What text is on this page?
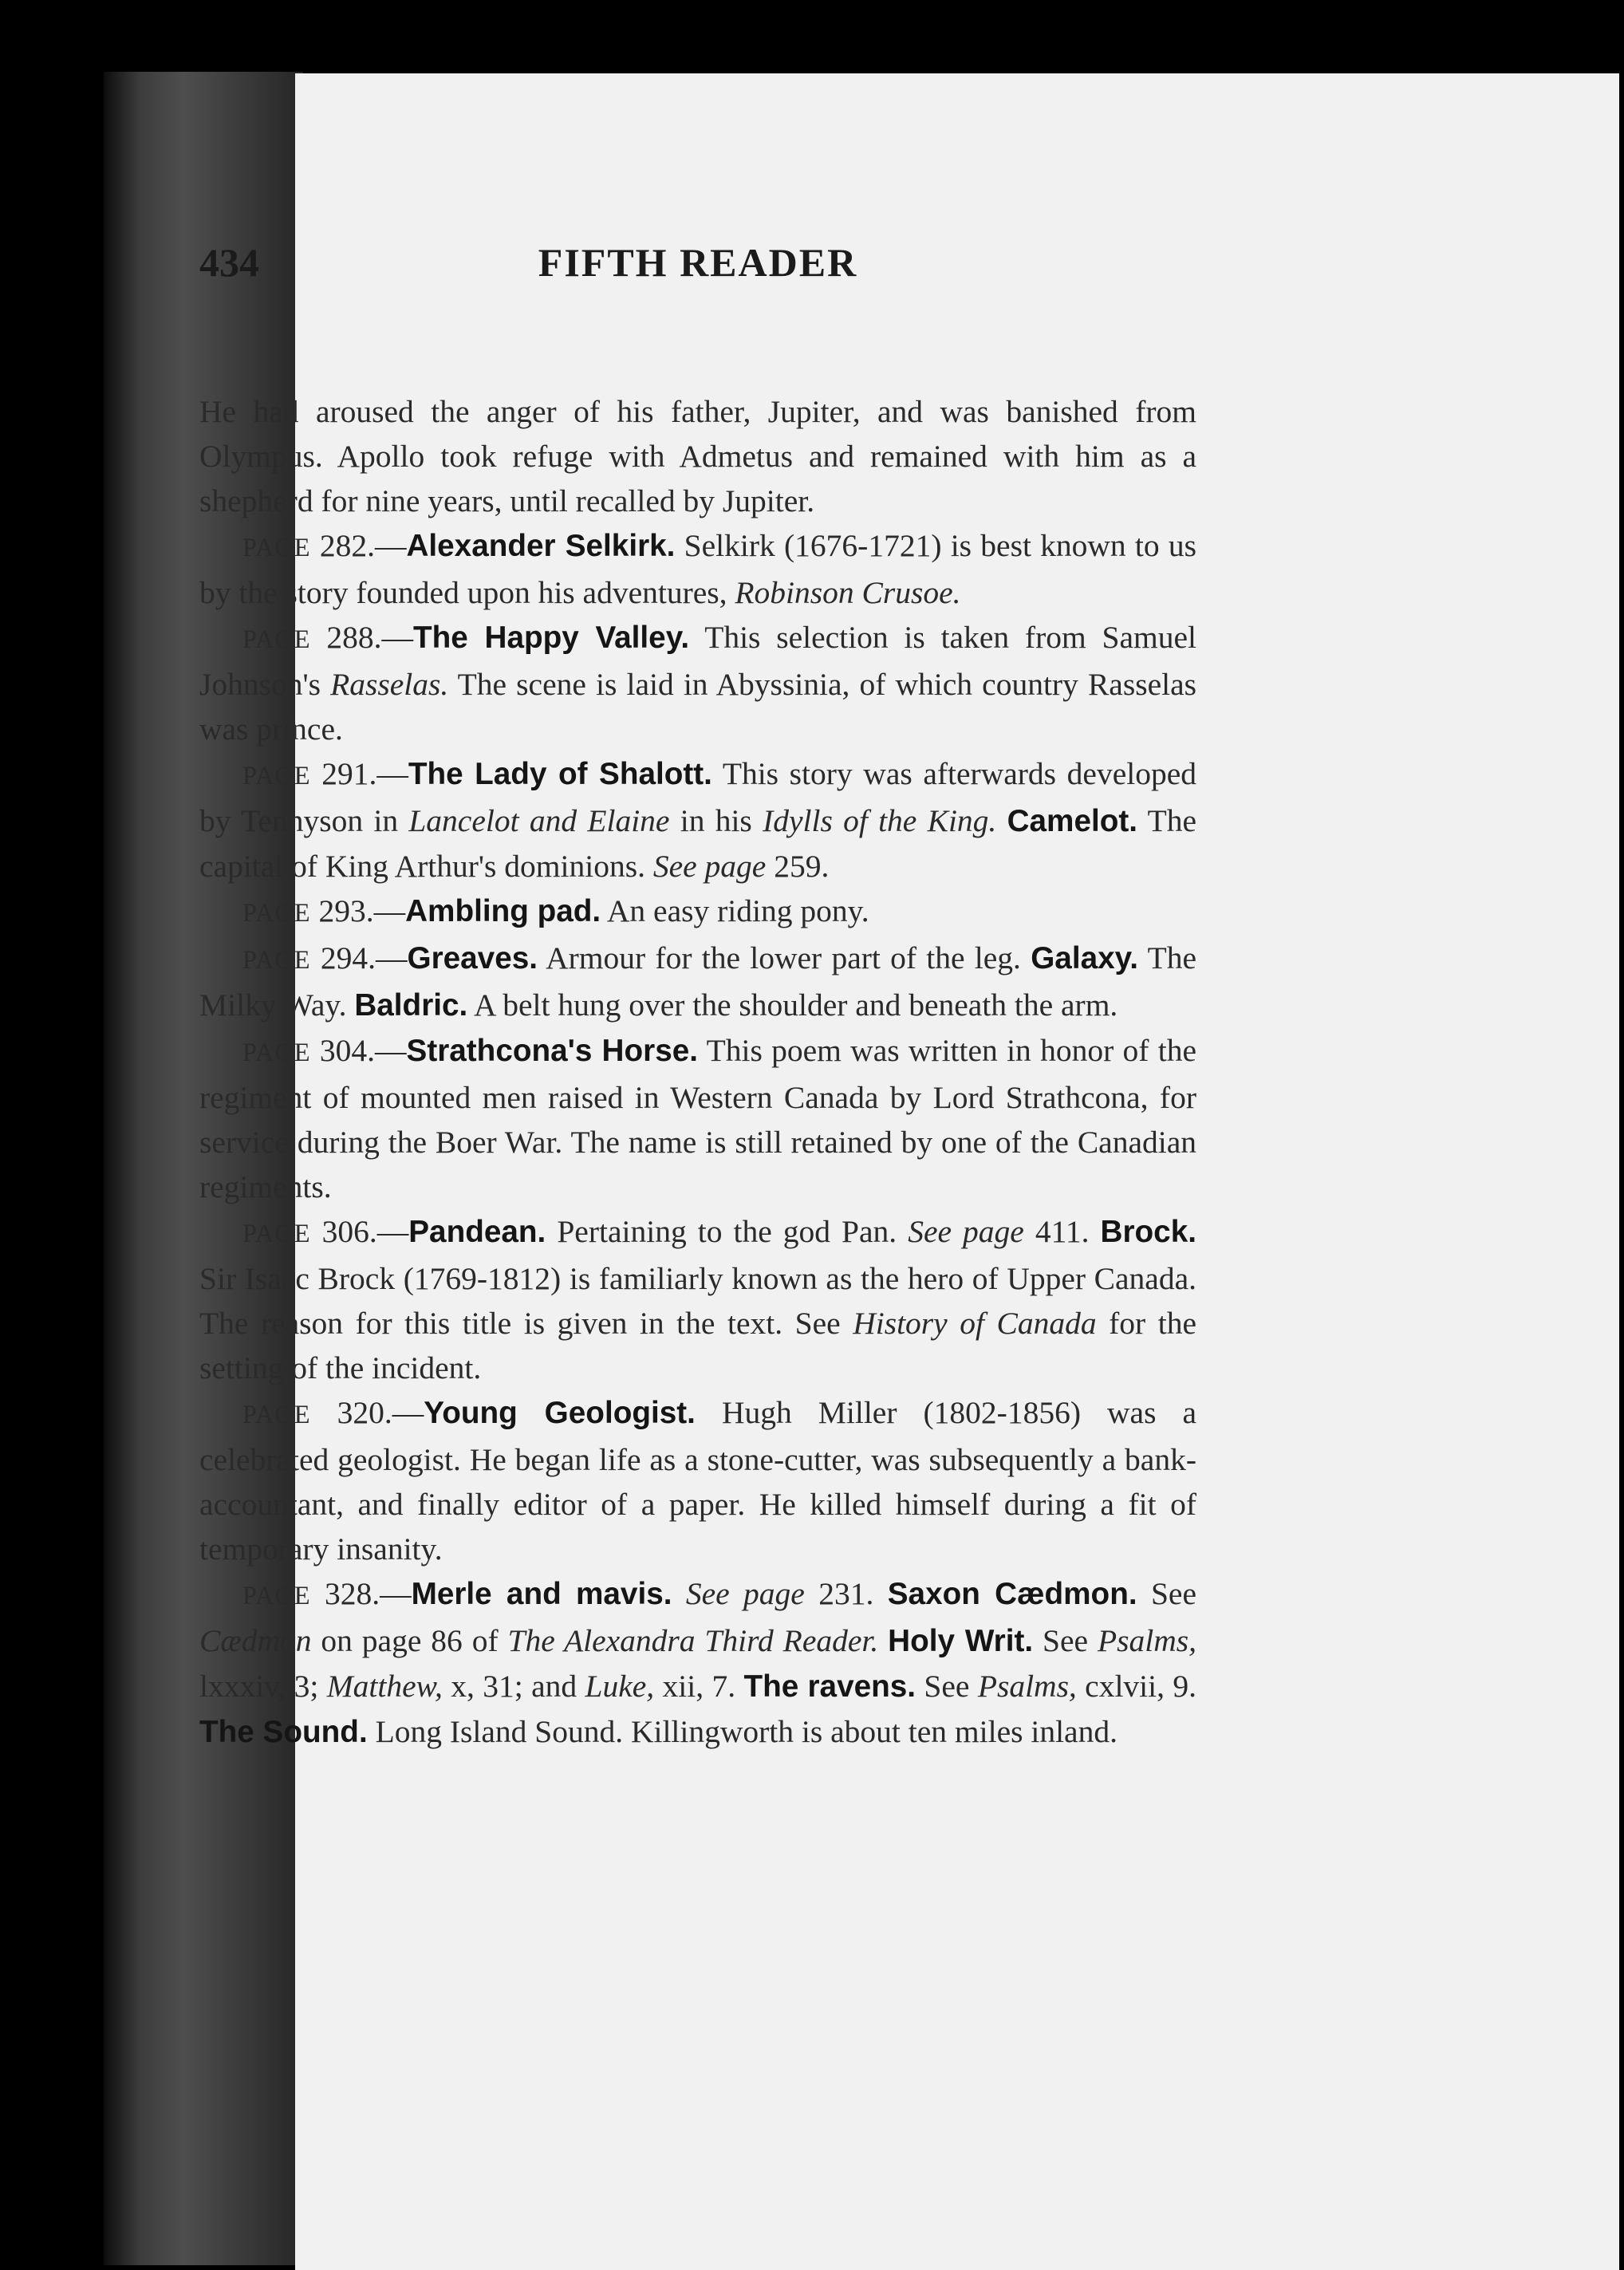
434	FIFTH READER

He had aroused the anger of his father, Jupiter, and was banished from Olympus. Apollo took refuge with Admetus and remained with him as a shepherd for nine years, until recalled by Jupiter.

PAGE 282.—Alexander Selkirk. Selkirk (1676-1721) is best known to us by the story founded upon his adventures, Robinson Crusoe.

PAGE 288.—The Happy Valley. This selection is taken from Samuel Johnson's Rasselas. The scene is laid in Abyssinia, of which country Rasselas was prince.

PAGE 291.—The Lady of Shalott. This story was afterwards developed by Tennyson in Lancelot and Elaine in his Idylls of the King. Camelot. The capital of King Arthur's dominions. See page 259.

PAGE 293.—Ambling pad. An easy riding pony.

PAGE 294.—Greaves. Armour for the lower part of the leg. Galaxy. The Milky Way. Baldric. A belt hung over the shoulder and beneath the arm.

PAGE 304.—Strathcona's Horse. This poem was written in honor of the regiment of mounted men raised in Western Canada by Lord Strathcona, for service during the Boer War. The name is still retained by one of the Canadian regiments.

PAGE 306.—Pandean. Pertaining to the god Pan. See page 411. Brock. Sir Isaac Brock (1769-1812) is familiarly known as the hero of Upper Canada. The reason for this title is given in the text. See History of Canada for the setting of the incident.

PAGE 320.—Young Geologist. Hugh Miller (1802-1856) was a celebrated geologist. He began life as a stone-cutter, was subsequently a bank-accountant, and finally editor of a paper. He killed himself during a fit of temporary insanity.

PAGE 328.—Merle and mavis. See page 231. Saxon Cædmon. See Cædmon on page 86 of The Alexandra Third Reader. Holy Writ. See Psalms, lxxxiv, 3; Matthew, x, 31; and Luke, xii, 7. The ravens. See Psalms, cxlvii, 9. The Sound. Long Island Sound. Killingworth is about ten miles inland.
